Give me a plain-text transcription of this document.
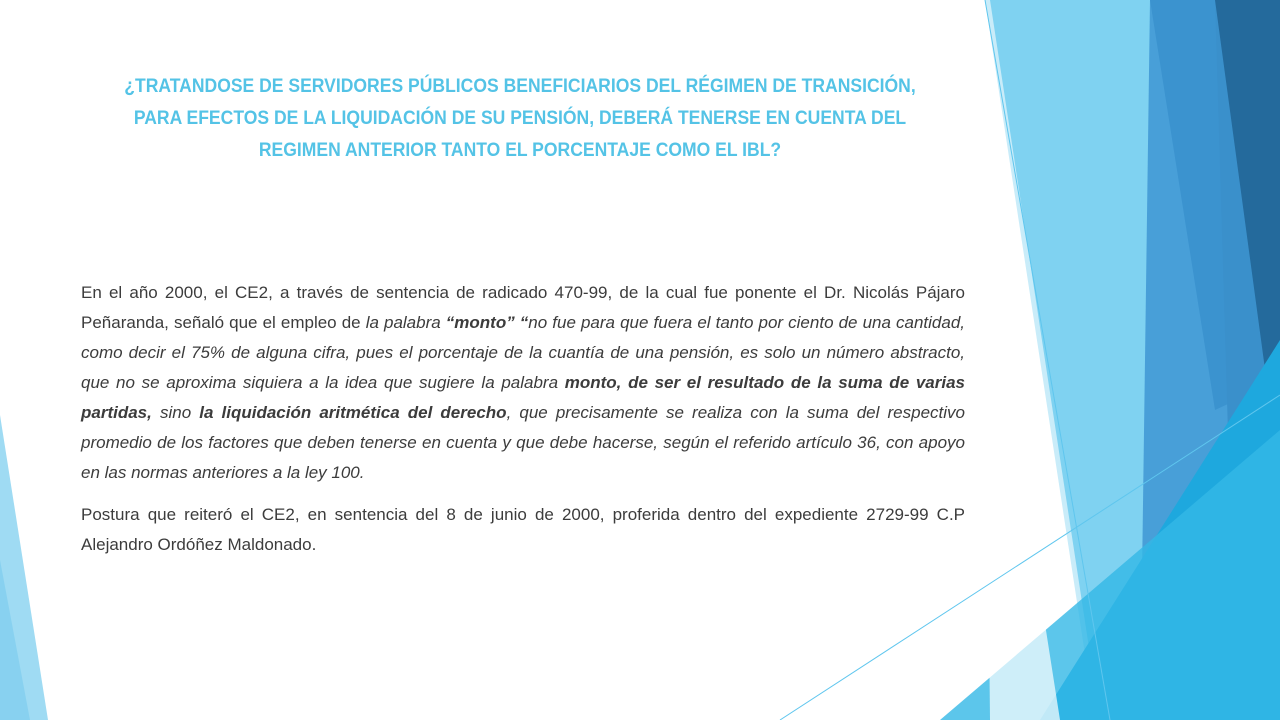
¿TRATANDOSE DE SERVIDORES PÚBLICOS BENEFICIARIOS DEL RÉGIMEN DE TRANSICIÓN, PARA EFECTOS DE LA LIQUIDACIÓN DE SU PENSIÓN, DEBERÁ TENERSE EN CUENTA DEL REGIMEN ANTERIOR TANTO EL PORCENTAJE COMO EL IBL?

En el año 2000, el CE2, a través de sentencia de radicado 470-99, de la cual fue ponente el Dr. Nicolás Pájaro Peñaranda, señaló que el empleo de la palabra “monto” “no fue para que fuera el tanto por ciento de una cantidad, como decir el 75% de alguna cifra, pues el porcentaje de la cuantía de una pensión, es solo un número abstracto, que no se aproxima siquiera a la idea que sugiere la palabra monto, de ser el resultado de la suma de varias partidas, sino la liquidación aritmética del derecho, que precisamente se realiza con la suma del respectivo promedio de los factores que deben tenerse en cuenta y que debe hacerse, según el referido artículo 36, con apoyo en las normas anteriores a la ley 100.

Postura que reiteró el CE2, en sentencia del 8 de junio de 2000, proferida dentro del expediente 2729-99 C.P Alejandro Ordóñez Maldonado.
